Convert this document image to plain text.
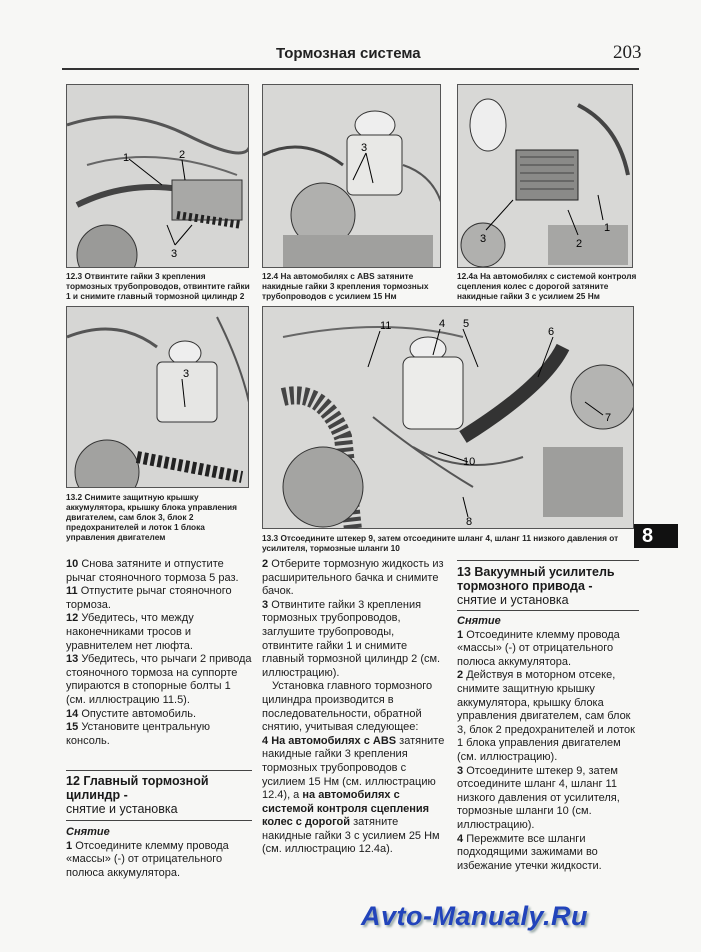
Тормозная система	203
1	2
3
12.3 Отвинтите гайки 3 крепления тормозных трубопроводов, отвинтите гайки 1 и снимите главный тормозной цилиндр 2
3
12.4 На автомобилях с ABS затяните накидные гайки 3 крепления тормозных трубопроводов с усилием 15 Нм
3	2
1
12.4а На автомобилях с системой контроля сцепления колес с дорогой затяните накидные гайки 3 с усилием 25 Нм
3
13.2 Снимите защитную крышку аккумулятора, крышку блока управления двигателем, сам блок 3, блок 2 предохранителей и лоток 1 блока управления двигателем
11	4 5
6
7
10
8
13.3 Отсоедините штекер 9, затем отсоедините шланг 4, шланг 11 низкого давления от усилителя, тормозные шланги 10
8

10 Снова затяните и отпустите рычаг стояночного тормоза 5 раз.

11 Отпустите рычаг стояночного тормоза.

12 Убедитесь, что между наконечниками тросов и уравнителем нет люфта.

13 Убедитесь, что рычаги 2 привода стояночного тормоза на суппорте упираются в стопорные болты 1 (см. иллюстрацию 11.5).

14 Опустите автомобиль.

15 Установите центральную консоль.

12 Главный тормозной цилиндр -
снятие и установка
Снятие

1 Отсоедините клемму провода «массы» (-) от отрицательного полюса аккумулятора.

2 Отберите тормозную жидкость из расширительного бачка и снимите бачок.

3 Отвинтите гайки 3 крепления тормозных трубопроводов, заглушите трубопроводы, отвинтите гайки 1 и снимите главный тормозной цилиндр 2 (см. иллюстрацию).

Установка главного тормозного цилиндра производится в последовательности, обратной снятию, учитывая следующее:

4 На автомобилях с ABS затяните накидные гайки 3 крепления тормозных трубопроводов с усилием 15 Нм (см. иллюстрацию 12.4), а на автомобилях с системой контроля сцепления колес с дорогой затяните накидные гайки 3 с усилием 25 Нм (см. иллюстрацию 12.4а).

13 Вакуумный усилитель тормозного привода -
снятие и установка
Снятие

1 Отсоедините клемму провода «массы» (-) от отрицательного полюса аккумулятора.

2 Действуя в моторном отсеке, снимите защитную крышку аккумулятора, крышку блока управления двигателем, сам блок 3, блок 2 предохранителей и лоток 1 блока управления двигателем (см. иллюстрацию).

3 Отсоедините штекер 9, затем отсоедините шланг 4, шланг 11 низкого давления от усилителя, тормозные шланги 10 (см. иллюстрацию).

4 Пережмите все шланги подходящими зажимами во избежание утечки жидкости.

Avto-Manualy.Ru
